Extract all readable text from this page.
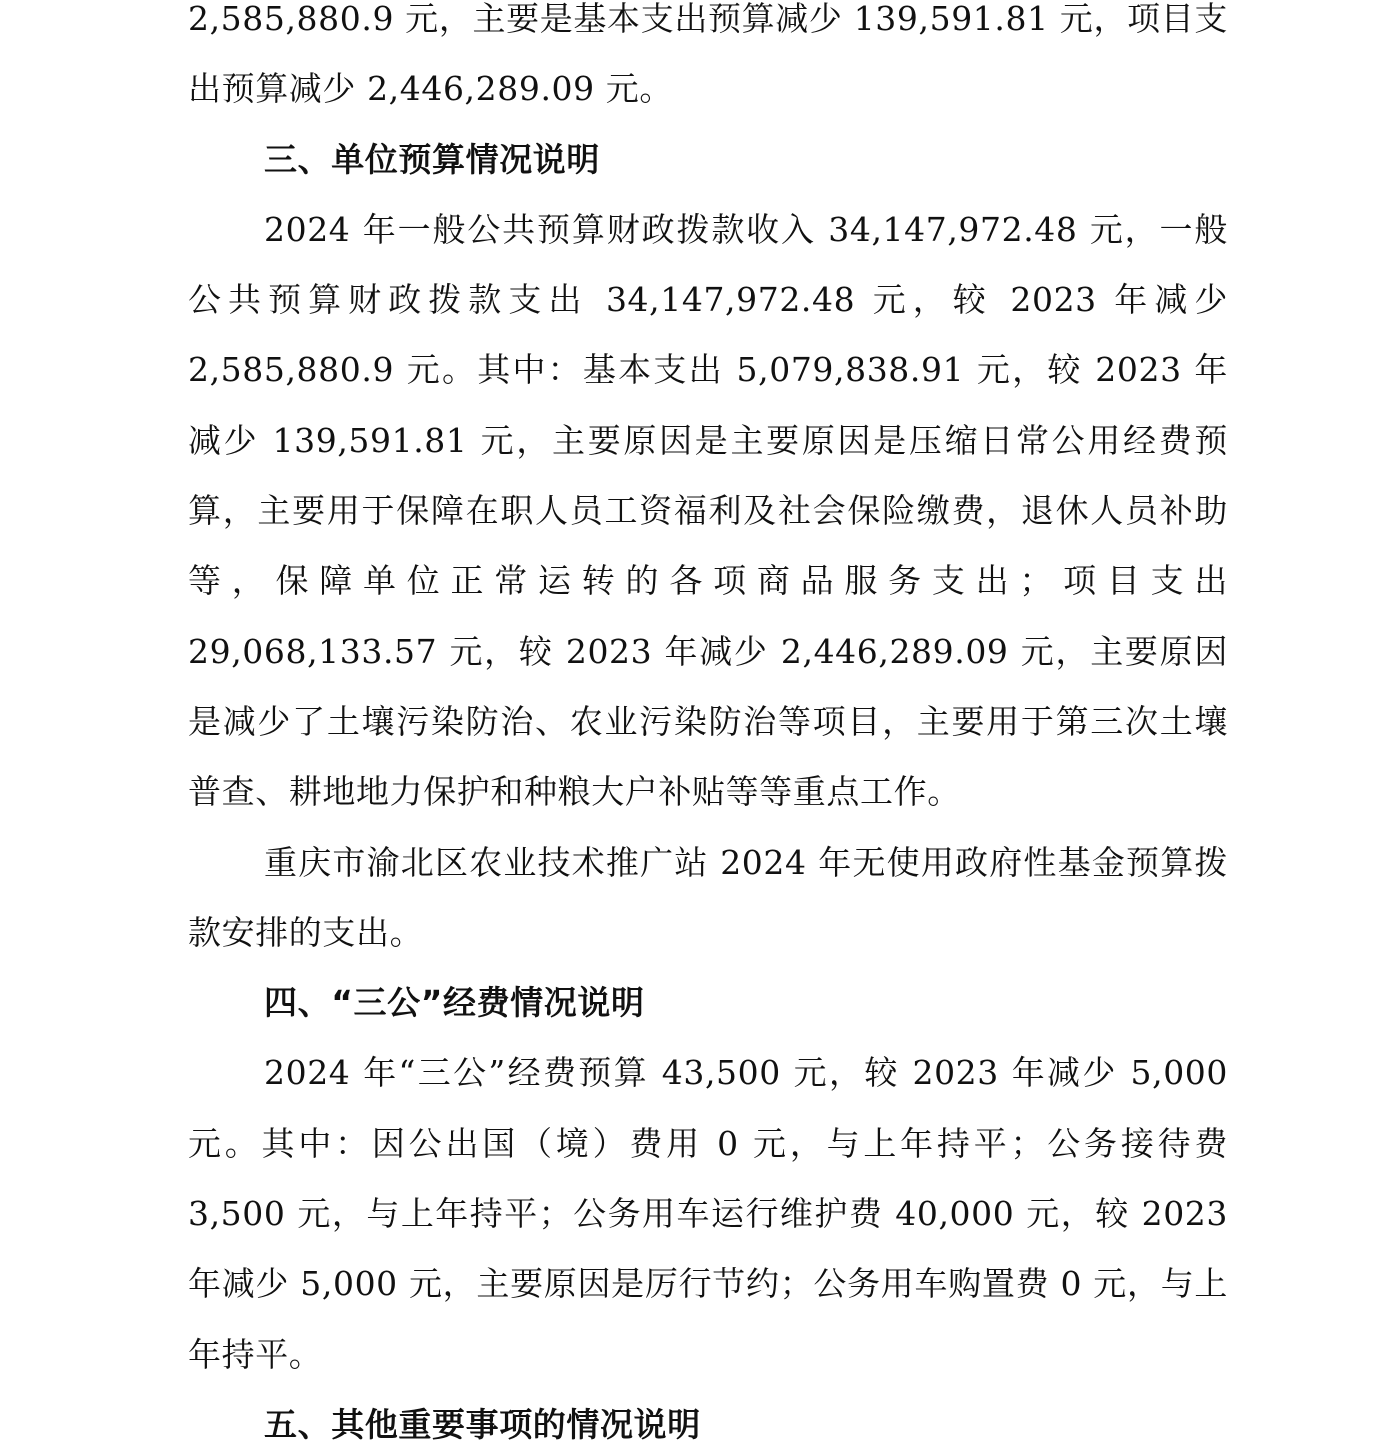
2,585,880.9 元，主要是基本支出预算减少 139,591.81 元，项目支出预算减少 2,446,289.09 元。

三、单位预算情况说明

2024 年一般公共预算财政拨款收入 34,147,972.48 元，一般公共预算财政拨款支出 34,147,972.48 元，较 2023 年减少 2,585,880.9 元。其中：基本支出 5,079,838.91 元，较 2023 年减少 139,591.81 元，主要原因是主要原因是压缩日常公用经费预算，主要用于保障在职人员工资福利及社会保险缴费，退休人员补助等，保障单位正常运转的各项商品服务支出；项目支出 29,068,133.57 元，较 2023 年减少 2,446,289.09 元，主要原因是减少了土壤污染防治、农业污染防治等项目，主要用于第三次土壤普查、耕地地力保护和种粮大户补贴等等重点工作。

重庆市渝北区农业技术推广站 2024 年无使用政府性基金预算拨款安排的支出。

四、“三公”经费情况说明

2024 年“三公”经费预算 43,500 元，较 2023 年减少 5,000 元。其中：因公出国（境）费用 0 元，与上年持平；公务接待费 3,500 元，与上年持平；公务用车运行维护费 40,000 元，较 2023 年减少 5,000 元，主要原因是厉行节约；公务用车购置费 0 元，与上年持平。

五、其他重要事项的情况说明
